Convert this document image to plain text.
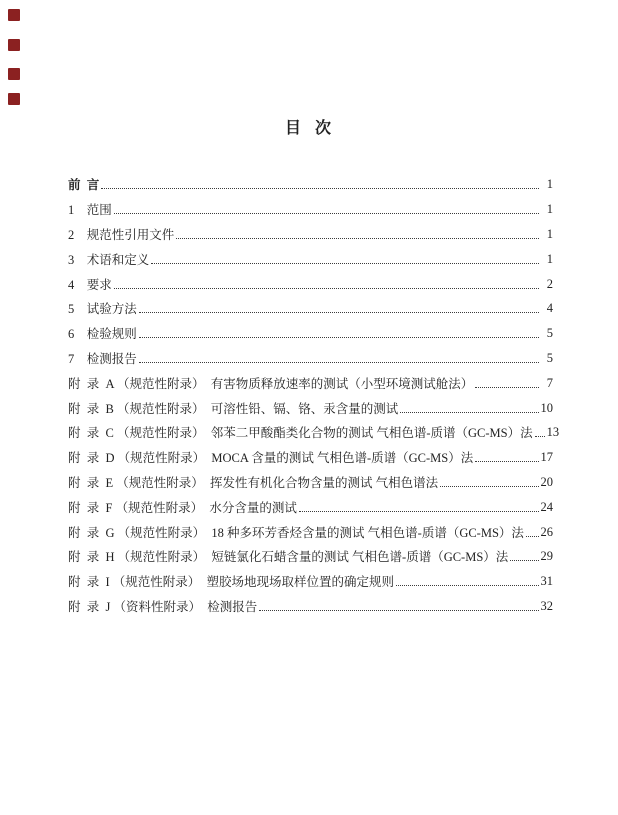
目  次
前  言	1
1    范围	1
2    规范性引用文件	1
3    术语和定义	1
4    要求	2
5    试验方法	4
6    检验规则	5
7    检测报告	5
附  录  A （规范性附录）  有害物质释放速率的测试（小型环境测试舱法）	7
附  录  B （规范性附录）  可溶性铅、镉、铬、汞含量的测试	10
附  录  C （规范性附录）  邻苯二甲酸酯类化合物的测试 气相色谱-质谱（GC-MS）法 13
附  录  D （规范性附录）  MOCA 含量的测试 气相色谱-质谱（GC-MS）法	17
附  录  E （规范性附录）  挥发性有机化合物含量的测试 气相色谱法	20
附  录  F （规范性附录）  水分含量的测试	24
附  录  G （规范性附录）  18 种多环芳香烃含量的测试 气相色谱-质谱（GC-MS）法 26
附  录  H （规范性附录）  短链氯化石蜡含量的测试 气相色谱-质谱（GC-MS）法	29
附  录  I （规范性附录）  塑胶场地现场取样位置的确定规则	31
附  录  J （资料性附录）  检测报告	32
